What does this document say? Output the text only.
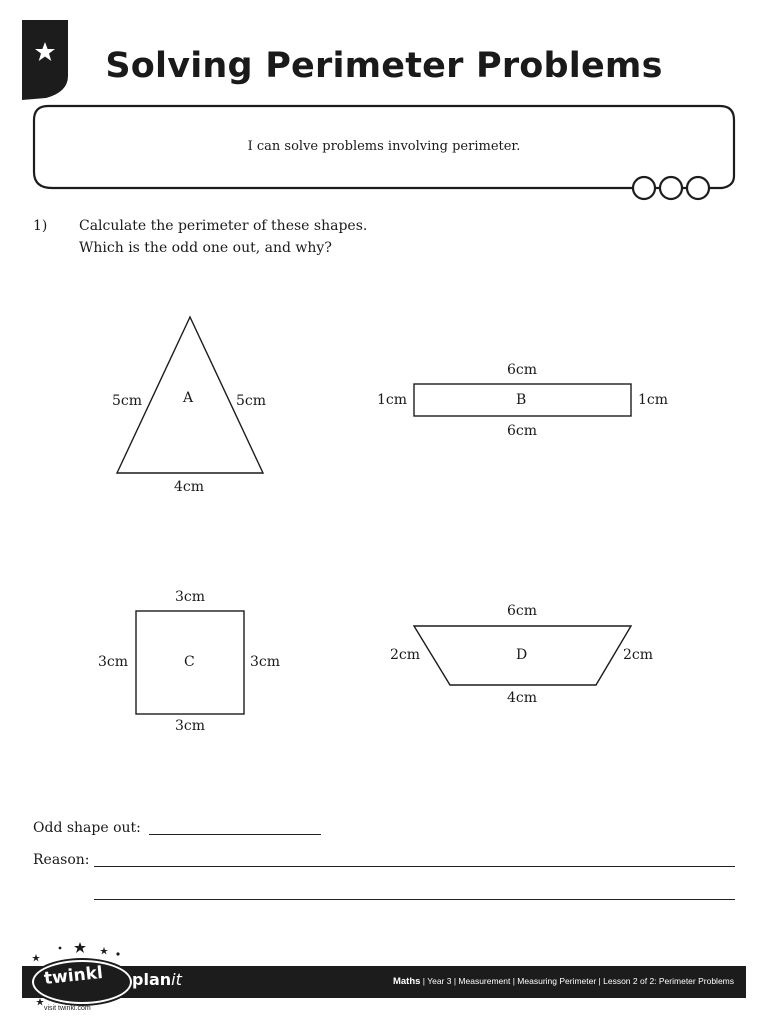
Solving Perimeter Problems
I can solve problems involving perimeter.
1) Calculate the perimeter of these shapes.
Which is the odd one out, and why?
A
5cm	5cm
4cm
6cm
B
6cm
1cm	1cm
3cm
C
3cm	3cm
3cm
6cm
D
2cm	2cm
4cm
Odd shape out:
Reason:
twinkl planit
visit twinkl.com
Maths | Year 3 | Measurement | Measuring Perimeter | Lesson 2 of 2: Perimeter Problems
